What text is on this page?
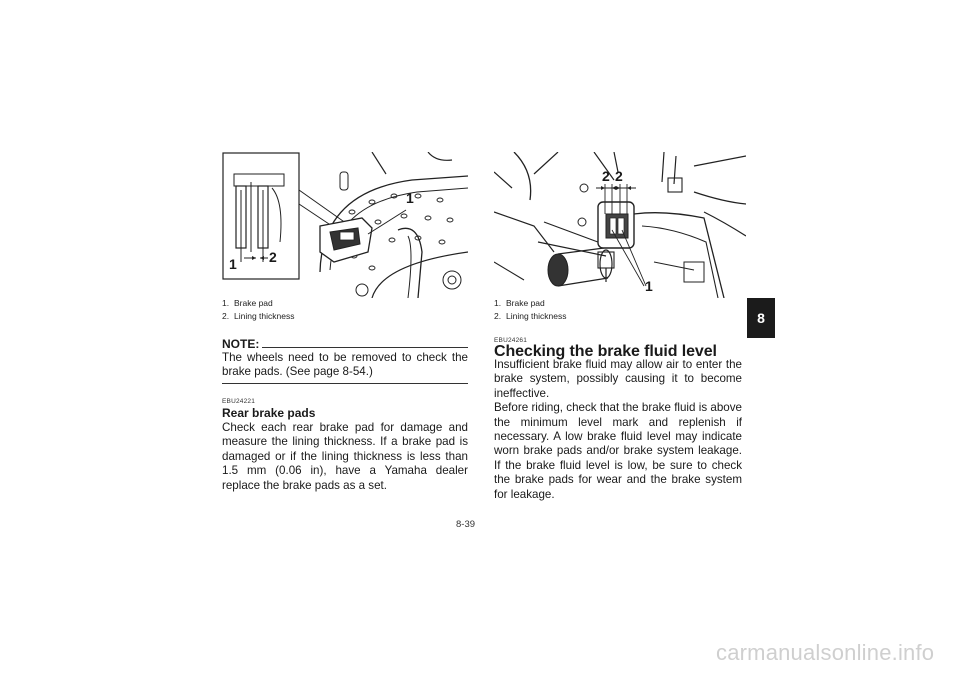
1
2
1
1. Brake pad
2. Lining thickness
NOTE:
The wheels need to be removed to check the brake pads. (See page 8-54.)
EBU24221
Rear brake pads
Check each rear brake pad for damage and measure the lining thickness. If a brake pad is damaged or if the lining thickness is less than 1.5 mm (0.06 in), have a Yamaha dealer replace the brake pads as a set.
2 2
1
1. Brake pad
2. Lining thickness
EBU24261
Checking the brake fluid level

Insufficient brake fluid may allow air to enter the brake system, possibly causing it to become ineffective.

Before riding, check that the brake fluid is above the minimum level mark and replenish if necessary. A low brake fluid level may indicate worn brake pads and/or brake system leakage. If the brake fluid level is low, be sure to check the brake pads for wear and the brake system for leakage.

8
8-39
carmanualsonline.info
